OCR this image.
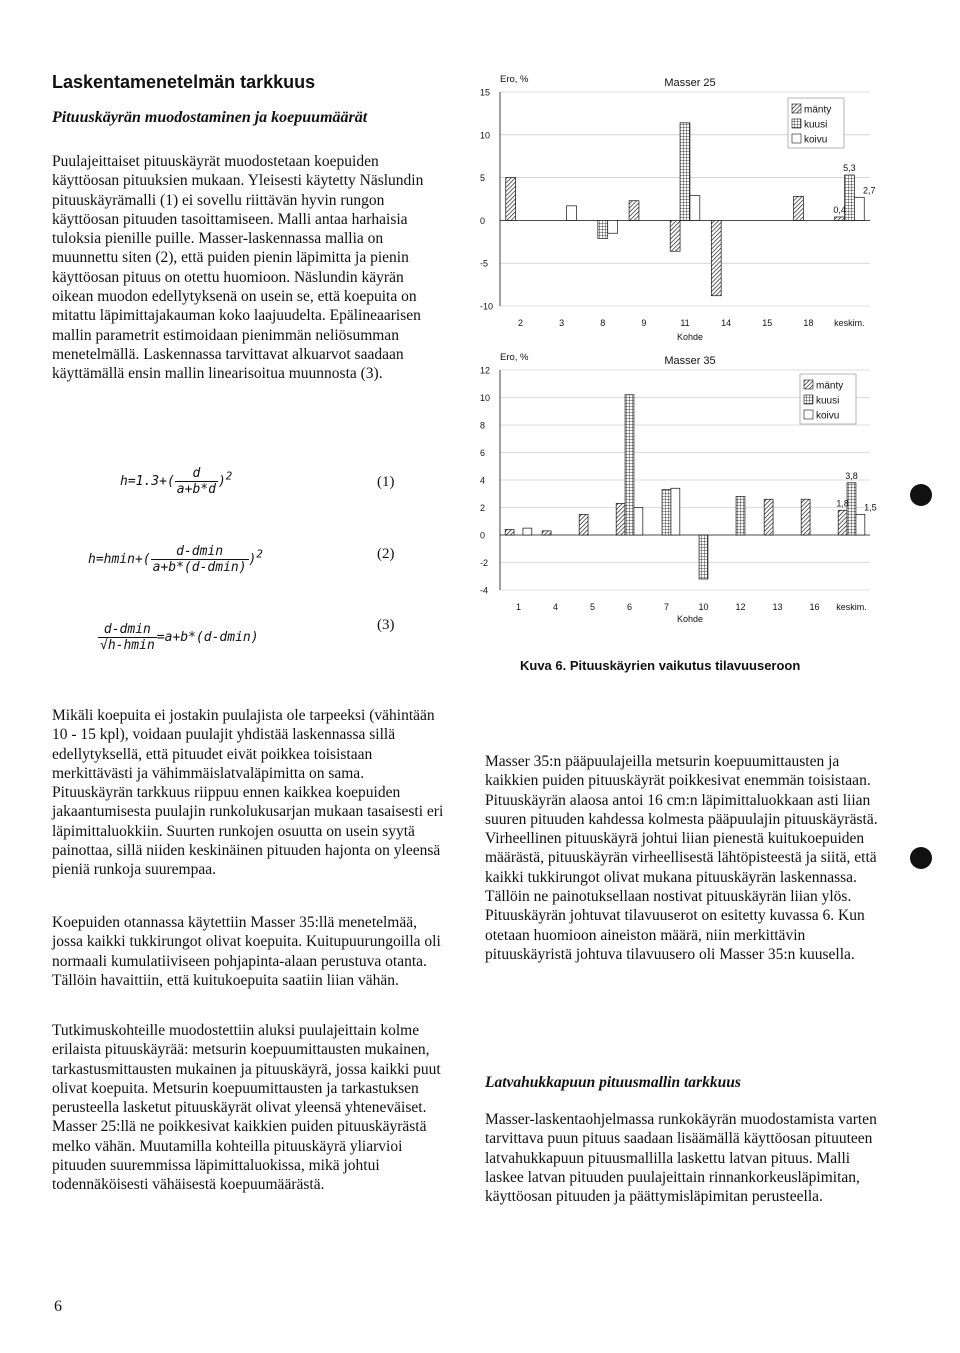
Laskentamenetelmän tarkkuus
Pituuskäyrän muodostaminen ja koepuumäärät

Puulajeittaiset pituuskäyrät muodostetaan koepuiden käyttöosan pituuksien mukaan. Yleisesti käytetty Näslundin pituuskäyrämalli (1) ei sovellu riittävän hyvin rungon käyttöosan pituuden tasoittamiseen. Malli antaa harhaisia tuloksia pienille puille. Masser-laskennassa mallia on muunnettu siten (2), että puiden pienin läpimitta ja pienin käyttöosan pituus on otettu huomioon. Näslundin käyrän oikean muodon edellytyksenä on usein se, että koepuita on mitattu läpimittajakauman koko laajuudelta. Epälineaarisen mallin parametrit estimoidaan pienimmän neliösumman menetelmällä. Laskennassa tarvittavat alkuarvot saadaan käyttämällä ensin mallin linearisoitua muunnosta (3).

$h=1.3+( \frac{d}{a+b*d} )^2$	(1)
$h=hmin+( \frac{d-dmin}{a+b*(d-dmin)} )^2$	(2)
$\frac{d-dmin}{√h-hmin} =a+b*(d-dmin)$
(3)

Mikäli koepuita ei jostakin puulajista ole tarpeeksi (vähintään 10 - 15 kpl), voidaan puulajit yhdistää laskennassa sillä edellytyksellä, että pituudet eivät poikkea toisistaan merkittävästi ja vähimmäislatvaläpimitta on sama. Pituuskäyrän tarkkuus riippuu ennen kaikkea koepuiden jakaantumisesta puulajin runkolukusarjan mukaan tasaisesti eri läpimittaluokkiin. Suurten runkojen osuutta on usein syytä painottaa, sillä niiden keskinäinen pituuden hajonta on yleensä pieniä runkoja suurempaa.

Koepuiden otannassa käytettiin Masser 35:llä menetelmää, jossa kaikki tukkirungot olivat koepuita. Kuitupuurungoilla oli normaali kumulatiiviseen pohjapinta-alaan perustuva otanta. Tällöin havaittiin, että kuitukoepuita saatiin liian vähän.

Tutkimuskohteille muodostettiin aluksi puulajeittain kolme erilaista pituuskäyrää: metsurin koepuumittausten mukainen, tarkastusmittausten mukainen ja pituuskäyrä, jossa kaikki puut olivat koepuita. Metsurin koepuumittausten ja tarkastuksen perusteella lasketut pituuskäyrät olivat yleensä yhteneväiset. Masser 25:llä ne poikkesivat kaikkien puiden pituuskäyrästä melko vähän. Muutamilla kohteilla pituuskäyrä yliarvioi pituuden suuremmissa läpimittaluokissa, mikä johtui todennäköisesti vähäisestä koepuumäärästä.

Ero, %	Masser 25
-10
-5
0
5
10
15
2	3	8	9	11	14	15	18 keskim.
0,4
5,3
2,7
Kohde
mänty
kuusi
koivu
Ero, %	Masser 35
-4
-2
0
2
4
6
8
10
12
1	4	5	6	7	10	12	13	16 keskim.
1,8
3,8
1,5
Kohde
mänty
kuusi
koivu
Kuva 6. Pituuskäyrien vaikutus tilavuuseroon

Masser 35:n pääpuulajeilla metsurin koepuumittausten ja kaikkien puiden pituuskäyrät poikkesivat enemmän toisistaan. Pituuskäyrän alaosa antoi 16 cm:n läpimittaluokkaan asti liian suuren pituuden kahdessa kolmesta pääpuulajin pituuskäyrästä. Virheellinen pituuskäyrä johtui liian pienestä kuitukoepuiden määrästä, pituuskäyrän virheellisestä lähtöpisteestä ja siitä, että kaikki tukkirungot olivat mukana pituuskäyrän laskennassa. Tällöin ne painotuksellaan nostivat pituuskäyrän liian ylös. Pituuskäyrän johtuvat tilavuuserot on esitetty kuvassa 6. Kun otetaan huomioon aineiston määrä, niin merkittävin pituuskäyristä johtuva tilavuusero oli Masser 35:n kuusella.

Latvahukkapuun pituusmallin tarkkuus

Masser-laskentaohjelmassa runkokäyrän muodostamista varten tarvittava puun pituus saadaan lisäämällä käyttöosan pituuteen latvahukkapuun pituusmallilla laskettu latvan pituus. Malli laskee latvan pituuden puulajeittain rinnankorkeusläpimitan, käyttöosan pituuden ja päättymisläpimitan perusteella.

6
